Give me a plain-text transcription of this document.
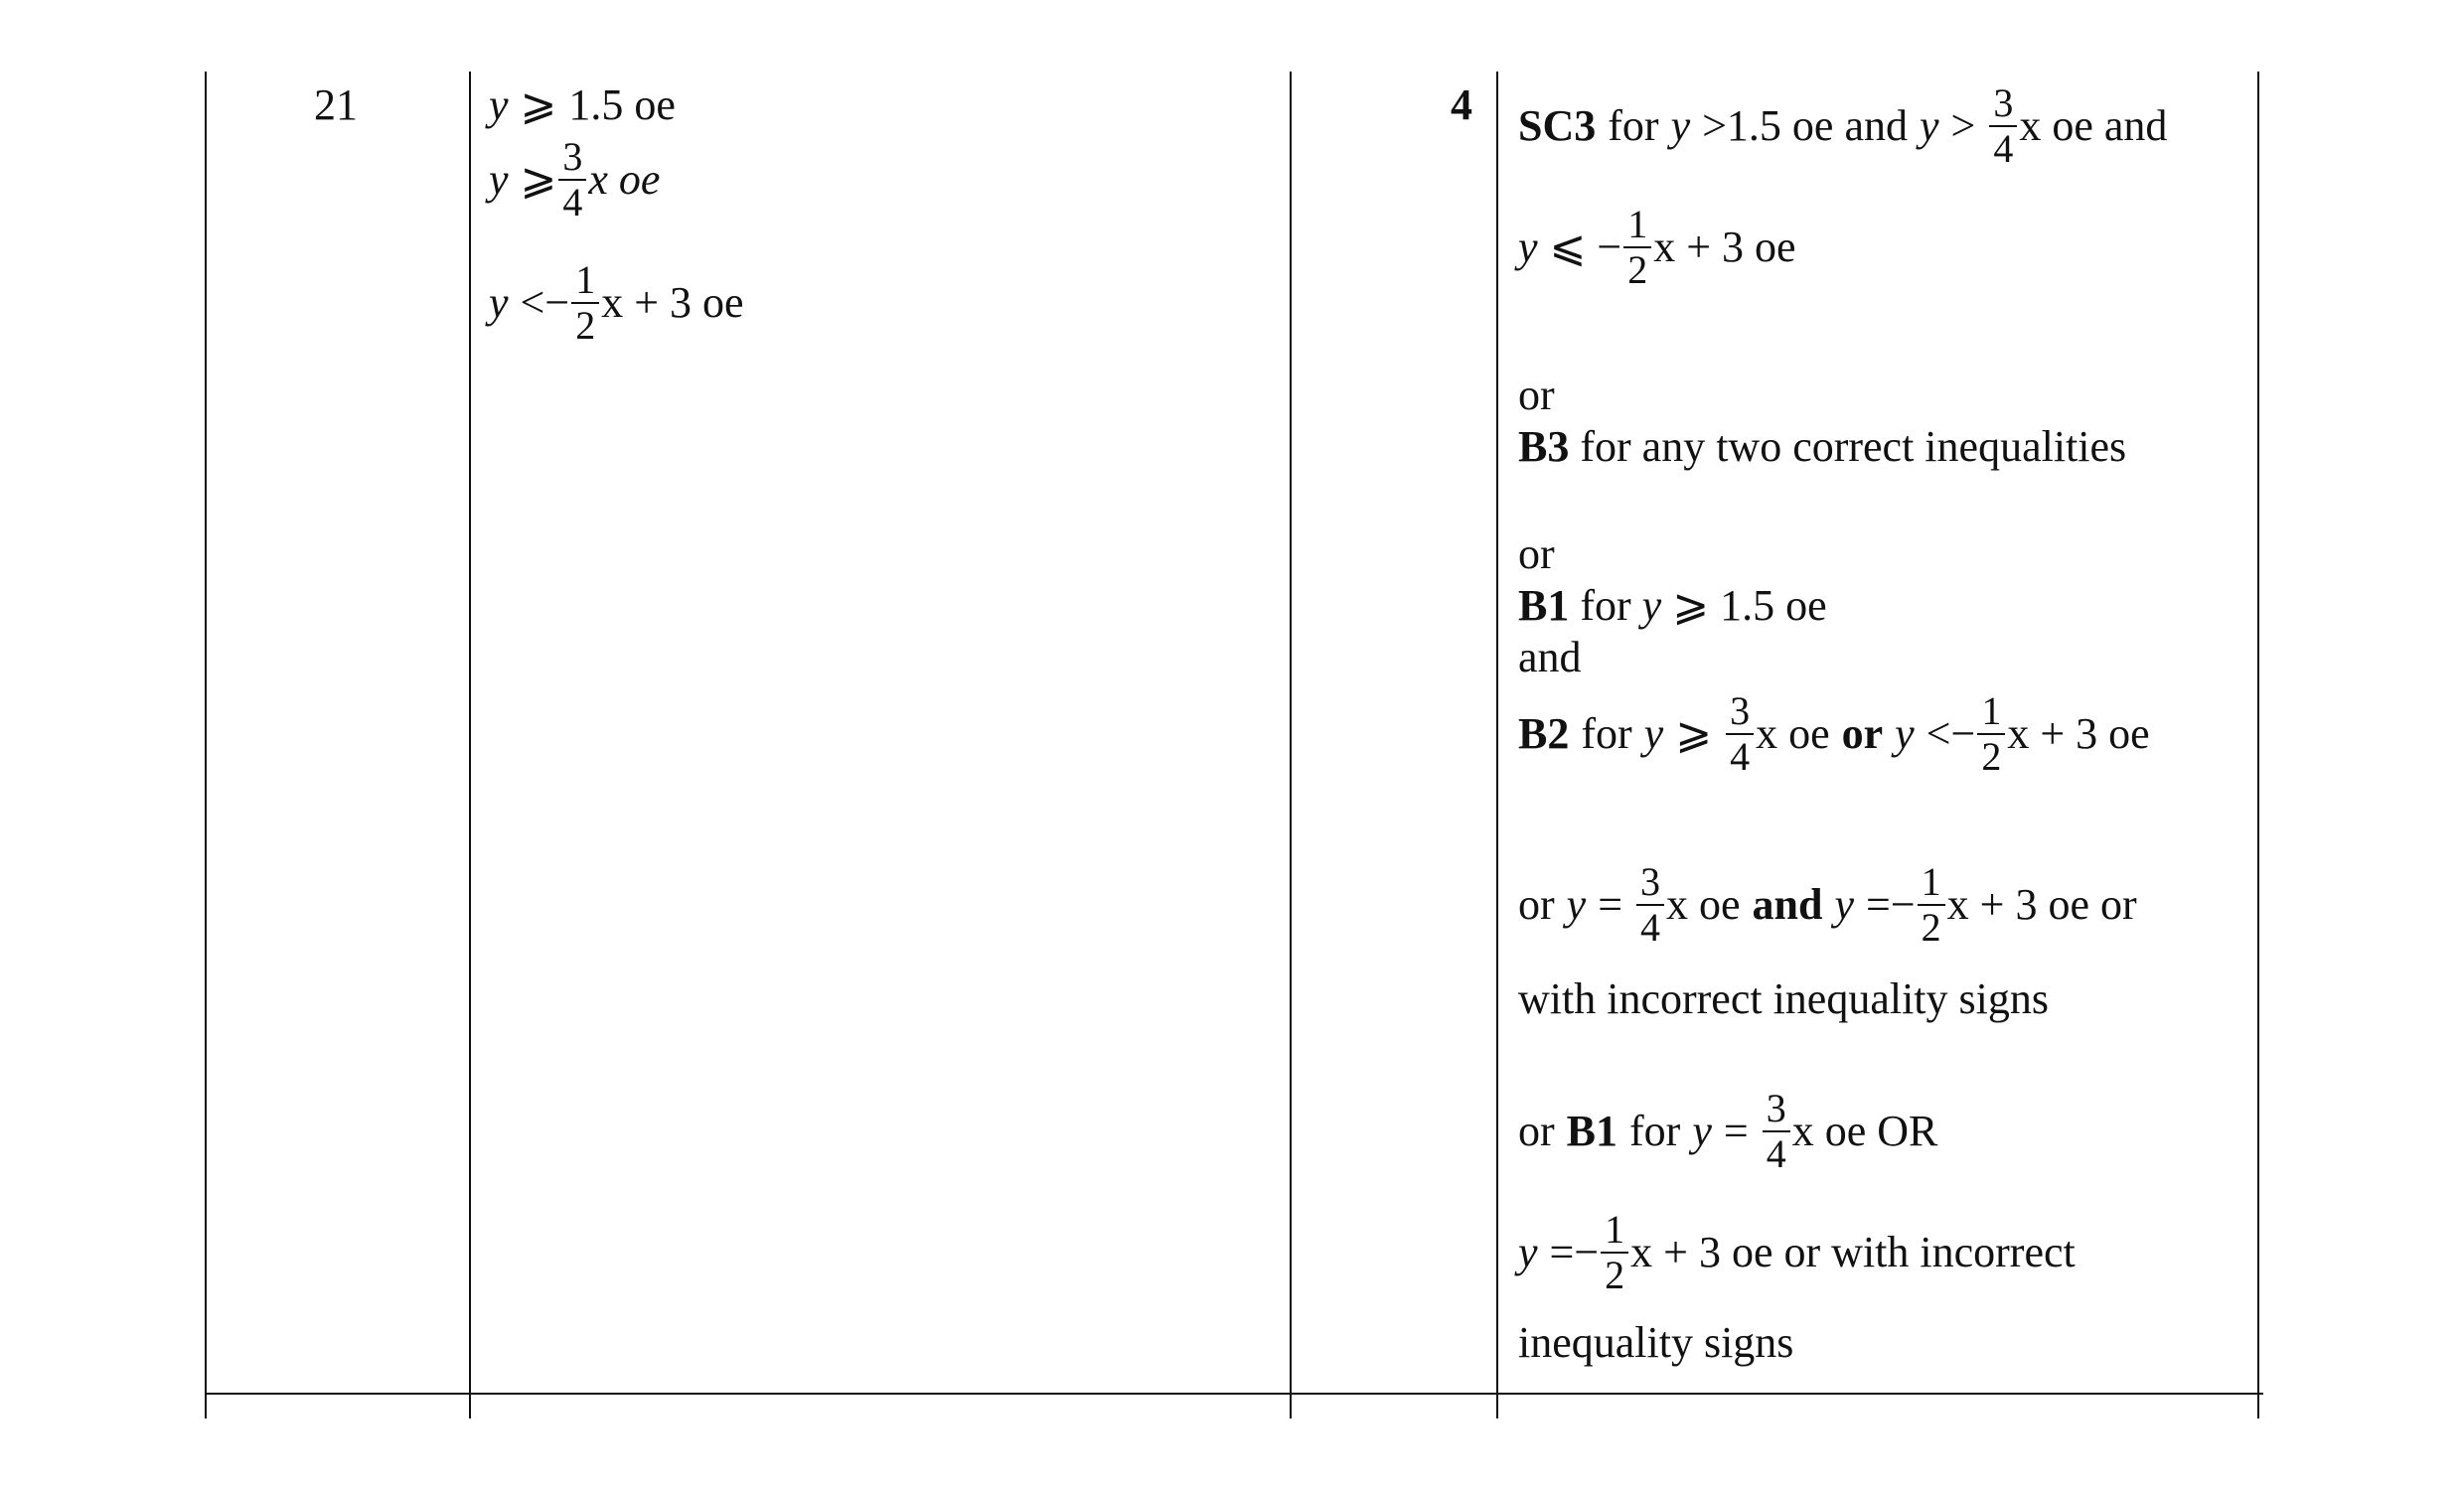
21	y ⩾ 1.5 oe
y ⩾ $\frac{3}{4}$ x oe
y < − $\frac{1}{2}$ x + 3 oe
4 SC3 for y >1.5 oe and $y > \frac{3}{4}$ x oe and
y ⩽ − $\frac{1}{2}$ x + 3 oe
or
B3 for any two correct inequalities
or
B1 for y ⩾ 1.5 oe
and
B2 for y ⩾ $\frac{3}{4}$ x oe or $y <- \frac{1}{2}$ x + 3 oe
or $y = \frac{3}{4}$ x oe and $y =- \frac{1}{2}$ x + 3 oe or
with incorrect inequality signs
or B1 for $y = \frac{3}{4}$ x oe OR
$y =- \frac{1}{2}$ x + 3 oe or with incorrect
inequality signs
